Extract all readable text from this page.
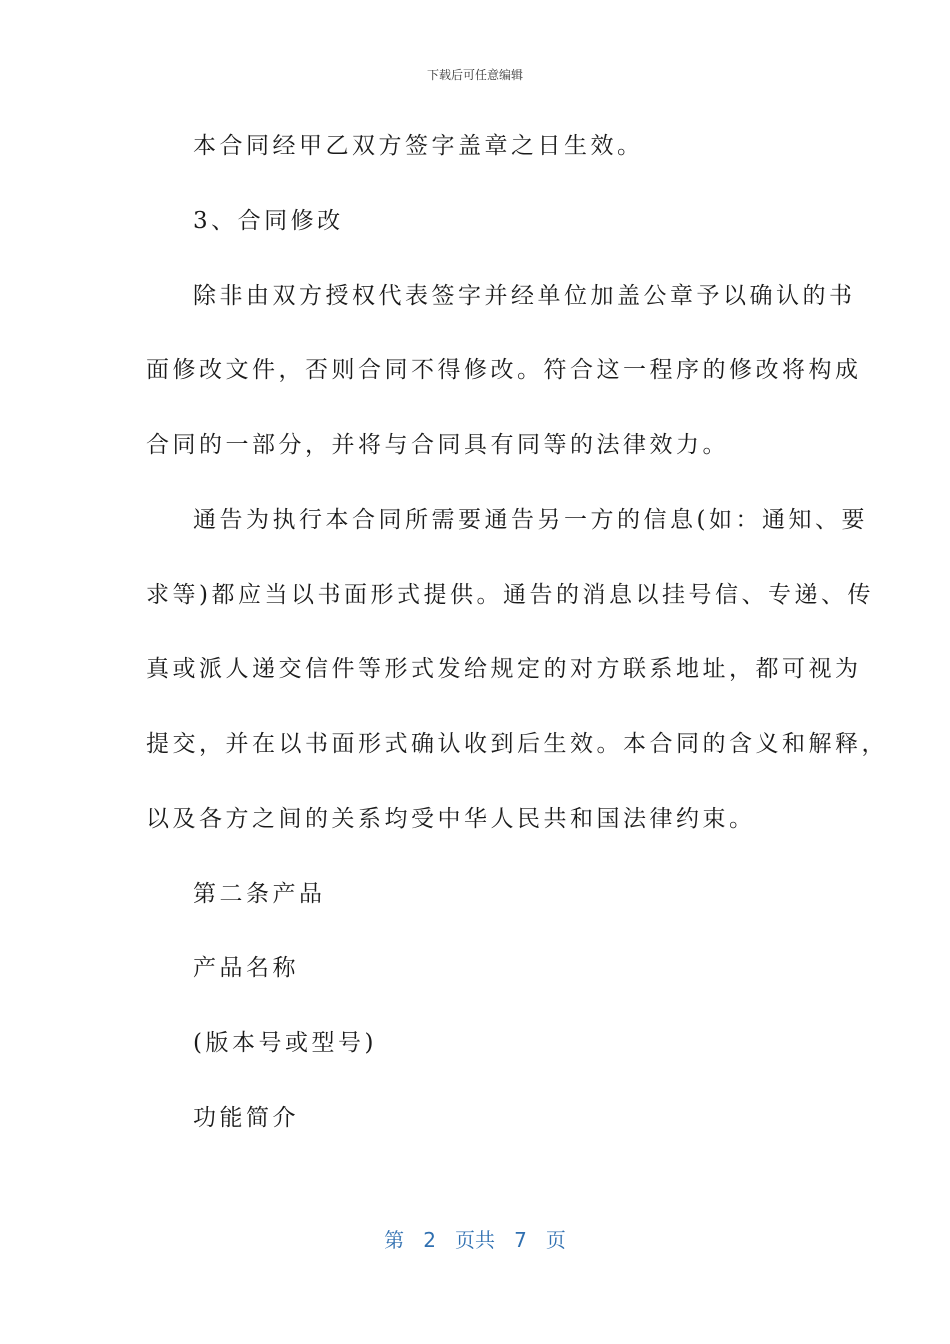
下载后可任意编辑
本合同经甲乙双方签字盖章之日生效。
3、合同修改
除非由双方授权代表签字并经单位加盖公章予以确认的书
面修改文件，否则合同不得修改。符合这一程序的修改将构成
合同的一部分，并将与合同具有同等的法律效力。
通告为执行本合同所需要通告另一方的信息(如：通知、要
求等)都应当以书面形式提供。通告的消息以挂号信、专递、传
真或派人递交信件等形式发给规定的对方联系地址，都可视为
提交，并在以书面形式确认收到后生效。本合同的含义和解释，
以及各方之间的关系均受中华人民共和国法律约束。
第二条产品
产品名称
(版本号或型号)
功能简介
第 2 页共 7 页
